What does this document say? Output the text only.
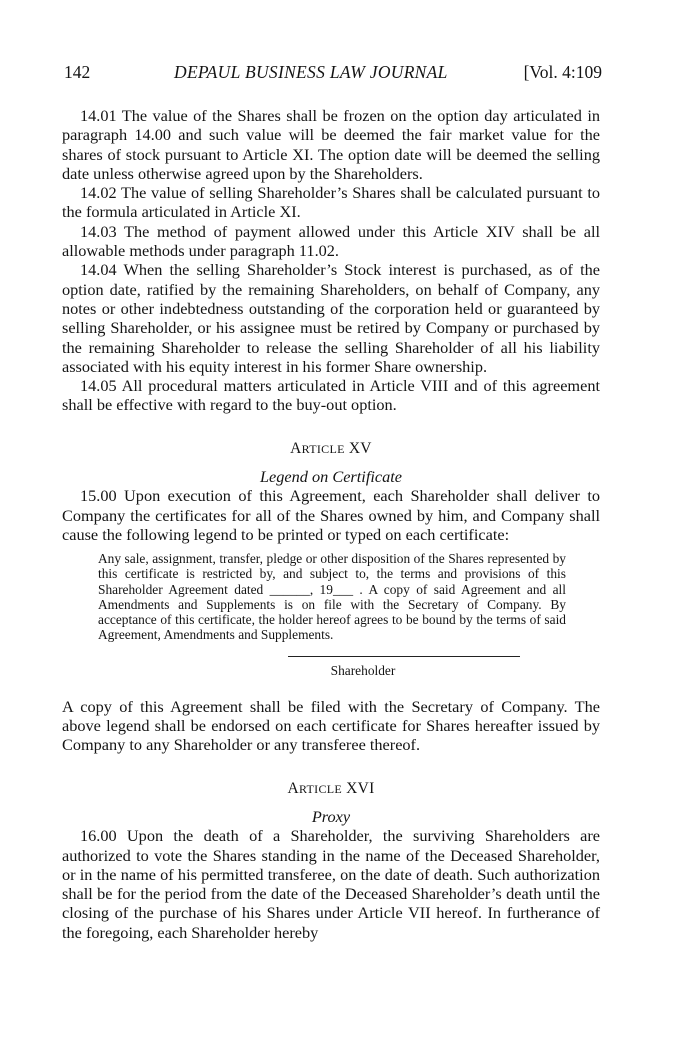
142	DEPAUL BUSINESS LAW JOURNAL	[Vol. 4:109

14.01 The value of the Shares shall be frozen on the option day articulated in paragraph 14.00 and such value will be deemed the fair market value for the shares of stock pursuant to Article XI. The option date will be deemed the selling date unless otherwise agreed upon by the Shareholders.

14.02 The value of selling Shareholder’s Shares shall be calculated pursuant to the formula articulated in Article XI.

14.03 The method of payment allowed under this Article XIV shall be all allowable methods under paragraph 11.02.

14.04 When the selling Shareholder’s Stock interest is purchased, as of the option date, ratified by the remaining Shareholders, on behalf of Company, any notes or other indebtedness outstanding of the corporation held or guaranteed by selling Shareholder, or his assignee must be retired by Company or purchased by the remaining Shareholder to release the selling Shareholder of all his liability associated with his equity interest in his former Share ownership.

14.05 All procedural matters articulated in Article VIII and of this agreement shall be effective with regard to the buy-out option.

ARTICLE XV

Legend on Certificate

15.00 Upon execution of this Agreement, each Shareholder shall deliver to Company the certificates for all of the Shares owned by him, and Company shall cause the following legend to be printed or typed on each certificate:

Any sale, assignment, transfer, pledge or other disposition of the Shares represented by this certificate is restricted by, and subject to, the terms and provisions of this Shareholder Agreement dated ______, 19___ . A copy of said Agreement and all Amendments and Supplements is on file with the Secretary of Company. By acceptance of this certificate, the holder hereof agrees to be bound by the terms of said Agreement, Amendments and Supplements.

Shareholder

A copy of this Agreement shall be filed with the Secretary of Company. The above legend shall be endorsed on each certificate for Shares hereafter issued by Company to any Shareholder or any transferee thereof.

ARTICLE XVI

Proxy

16.00 Upon the death of a Shareholder, the surviving Shareholders are authorized to vote the Shares standing in the name of the Deceased Shareholder, or in the name of his permitted transferee, on the date of death. Such authorization shall be for the period from the date of the Deceased Shareholder’s death until the closing of the purchase of his Shares under Article VII hereof. In furtherance of the foregoing, each Shareholder hereby
